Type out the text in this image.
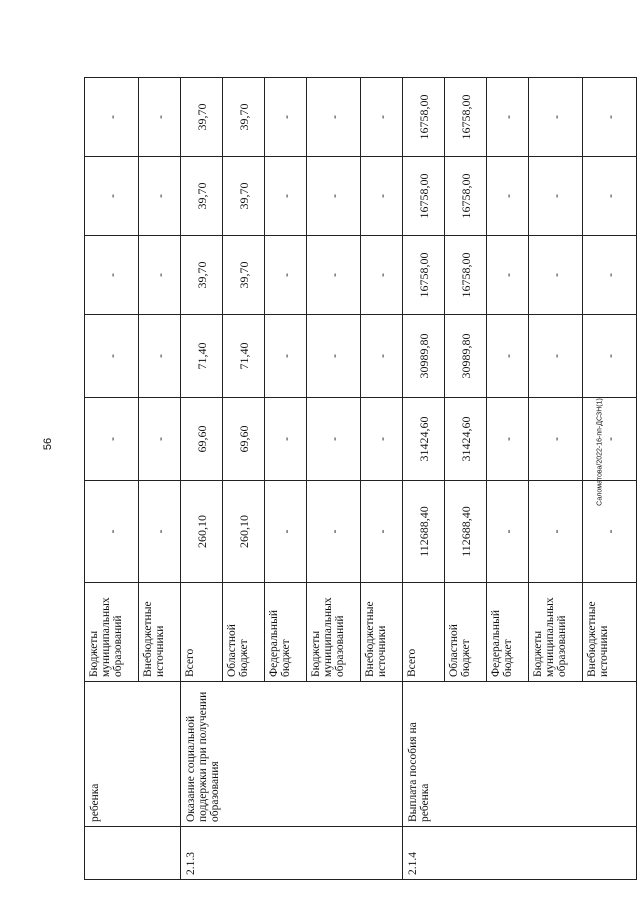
56	Саломатова/2022-16-пп-ДСЗН(1)
	ребенка	Бюджеты муниципальных образований	-	-	-	-	-	-
		Внебюджетные источники	-	-	-	-	-	-
2.1.3	Оказание социальной поддержки при получении образования	Всего	260,10	69,60	71,40	39,70	39,70	39,70
		Областной бюджет	260,10	69,60	71,40	39,70	39,70	39,70
		Федеральный бюджет	-	-	-	-	-	-
		Бюджеты муниципальных образований	-	-	-	-	-	-
		Внебюджетные источники	-	-	-	-	-	-
2.1.4	Выплата пособия на ребенка	Всего	112688,40	31424,60	30989,80	16758,00	16758,00	16758,00
		Областной бюджет	112688,40	31424,60	30989,80	16758,00	16758,00	16758,00
		Федеральный бюджет	-	-	-	-	-	-
		Бюджеты муниципальных образований	-	-	-	-	-	-
		Внебюджетные источники	-	-	-	-	-	-
